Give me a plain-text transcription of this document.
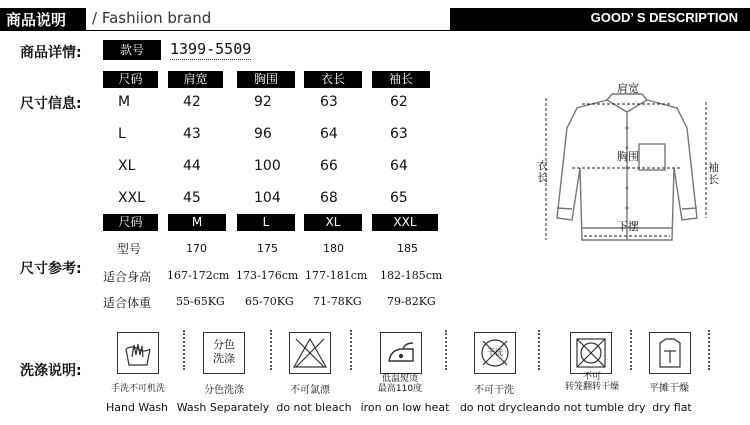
商品说明 / Fashiion brand	GOOD’ S DESCRIPTION
商品详情:	款号	1399-5509
尺寸信息:
尺码	肩宽	胸围	衣长	袖长
M	42	92	63	62
L	43	96	64	63
XL	44	100	66	64
XXL	45	104	68	65
尺码	M	L	XL	XXL
尺寸参考:
型号	170	175	180	185
适合身高 167-172cm 173-176cm 177-181cm 182-185cm
适合体重 55-65KG 65-70KG 71-78KG 79-82KG
肩宽
胸围
下摆
衣长
袖长
洗涤说明:
手洗不可机洗
Hand Wash
分色
洗涤
分色洗涤
Wash Separately
不可氯漂
do not bleach
低温熨烫
最高110度
iron on low heat
干洗
不可干洗
do not dryclean
不可
转笼翻转干燥
do not tumble dry
平摊干燥
dry flat
